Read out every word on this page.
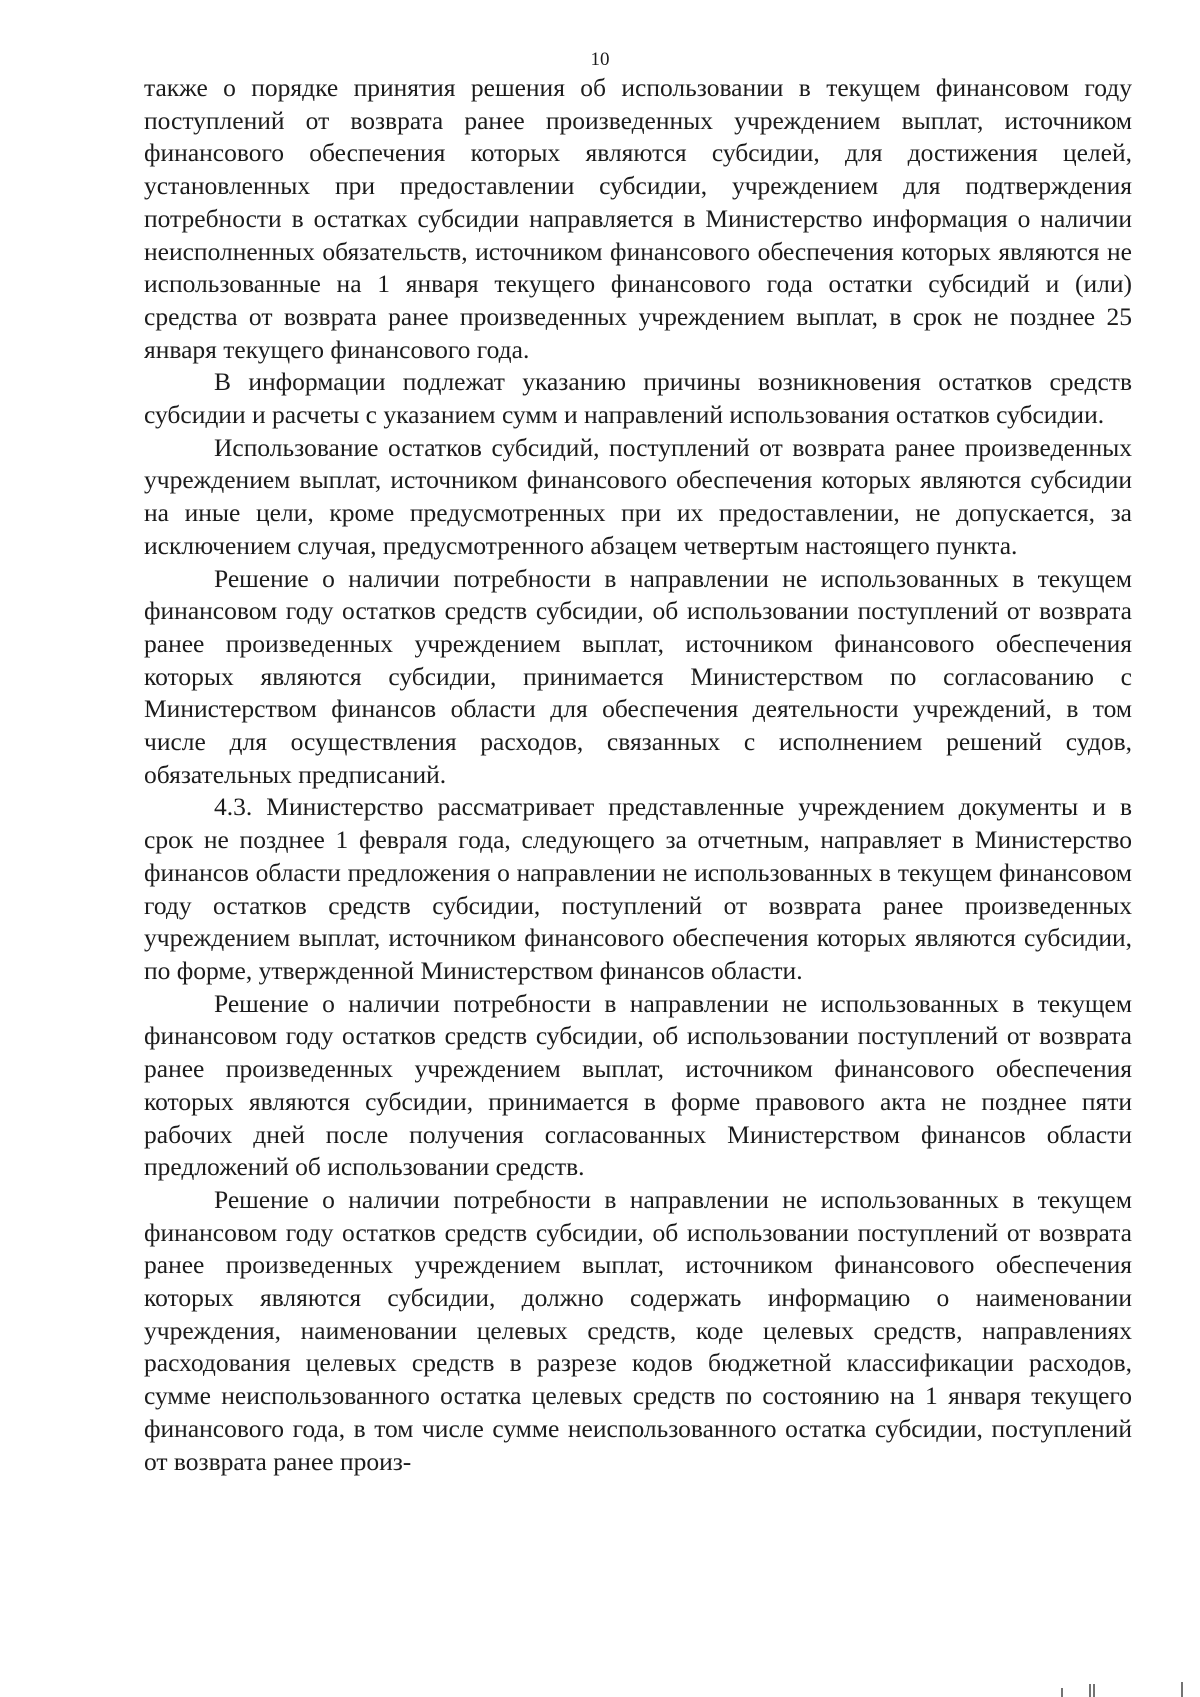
10

также о порядке принятия решения об использовании в текущем финансовом году поступлений от возврата ранее произведенных учреждением выплат, источником финансового обеспечения которых являются субсидии, для достижения целей, установленных при предоставлении субсидии, учреждением для подтверждения потребности в остатках субсидии направляется в Министерство информация о наличии неисполненных обязательств, источником финансового обеспечения которых являются не использованные на 1 января текущего финансового года остатки субсидий и (или) средства от возврата ранее произведенных учреждением выплат, в срок не позднее 25 января текущего финансового года.

В информации подлежат указанию причины возникновения остатков средств субсидии и расчеты с указанием сумм и направлений использования остатков субсидии.

Использование остатков субсидий, поступлений от возврата ранее произведенных учреждением выплат, источником финансового обеспечения которых являются субсидии на иные цели, кроме предусмотренных при их предоставлении, не допускается, за исключением случая, предусмотренного абзацем четвертым настоящего пункта.

Решение о наличии потребности в направлении не использованных в текущем финансовом году остатков средств субсидии, об использовании поступлений от возврата ранее произведенных учреждением выплат, источником финансового обеспечения которых являются субсидии, принимается Министерством по согласованию с Министерством финансов области для обеспечения деятельности учреждений, в том числе для осуществления расходов, связанных с исполнением решений судов, обязательных предписаний.

4.3. Министерство рассматривает представленные учреждением документы и в срок не позднее 1 февраля года, следующего за отчетным, направляет в Министерство финансов области предложения о направлении не использованных в текущем финансовом году остатков средств субсидии, поступлений от возврата ранее произведенных учреждением выплат, источником финансового обеспечения которых являются субсидии, по форме, утвержденной Министерством финансов области.

Решение о наличии потребности в направлении не использованных в текущем финансовом году остатков средств субсидии, об использовании поступлений от возврата ранее произведенных учреждением выплат, источником финансового обеспечения которых являются субсидии, принимается в форме правового акта не позднее пяти рабочих дней после получения согласованных Министерством финансов области предложений об использовании средств.

Решение о наличии потребности в направлении не использованных в текущем финансовом году остатков средств субсидии, об использовании поступлений от возврата ранее произведенных учреждением выплат, источником финансового обеспечения которых являются субсидии, должно содержать информацию о наименовании учреждения, наименовании целевых средств, коде целевых средств, направлениях расходования целевых средств в разрезе кодов бюджетной классификации расходов, сумме неиспользованного остатка целевых средств по состоянию на 1 января текущего финансового года, в том числе сумме неиспользованного остатка субсидии, поступлений от возврата ранее произ-
